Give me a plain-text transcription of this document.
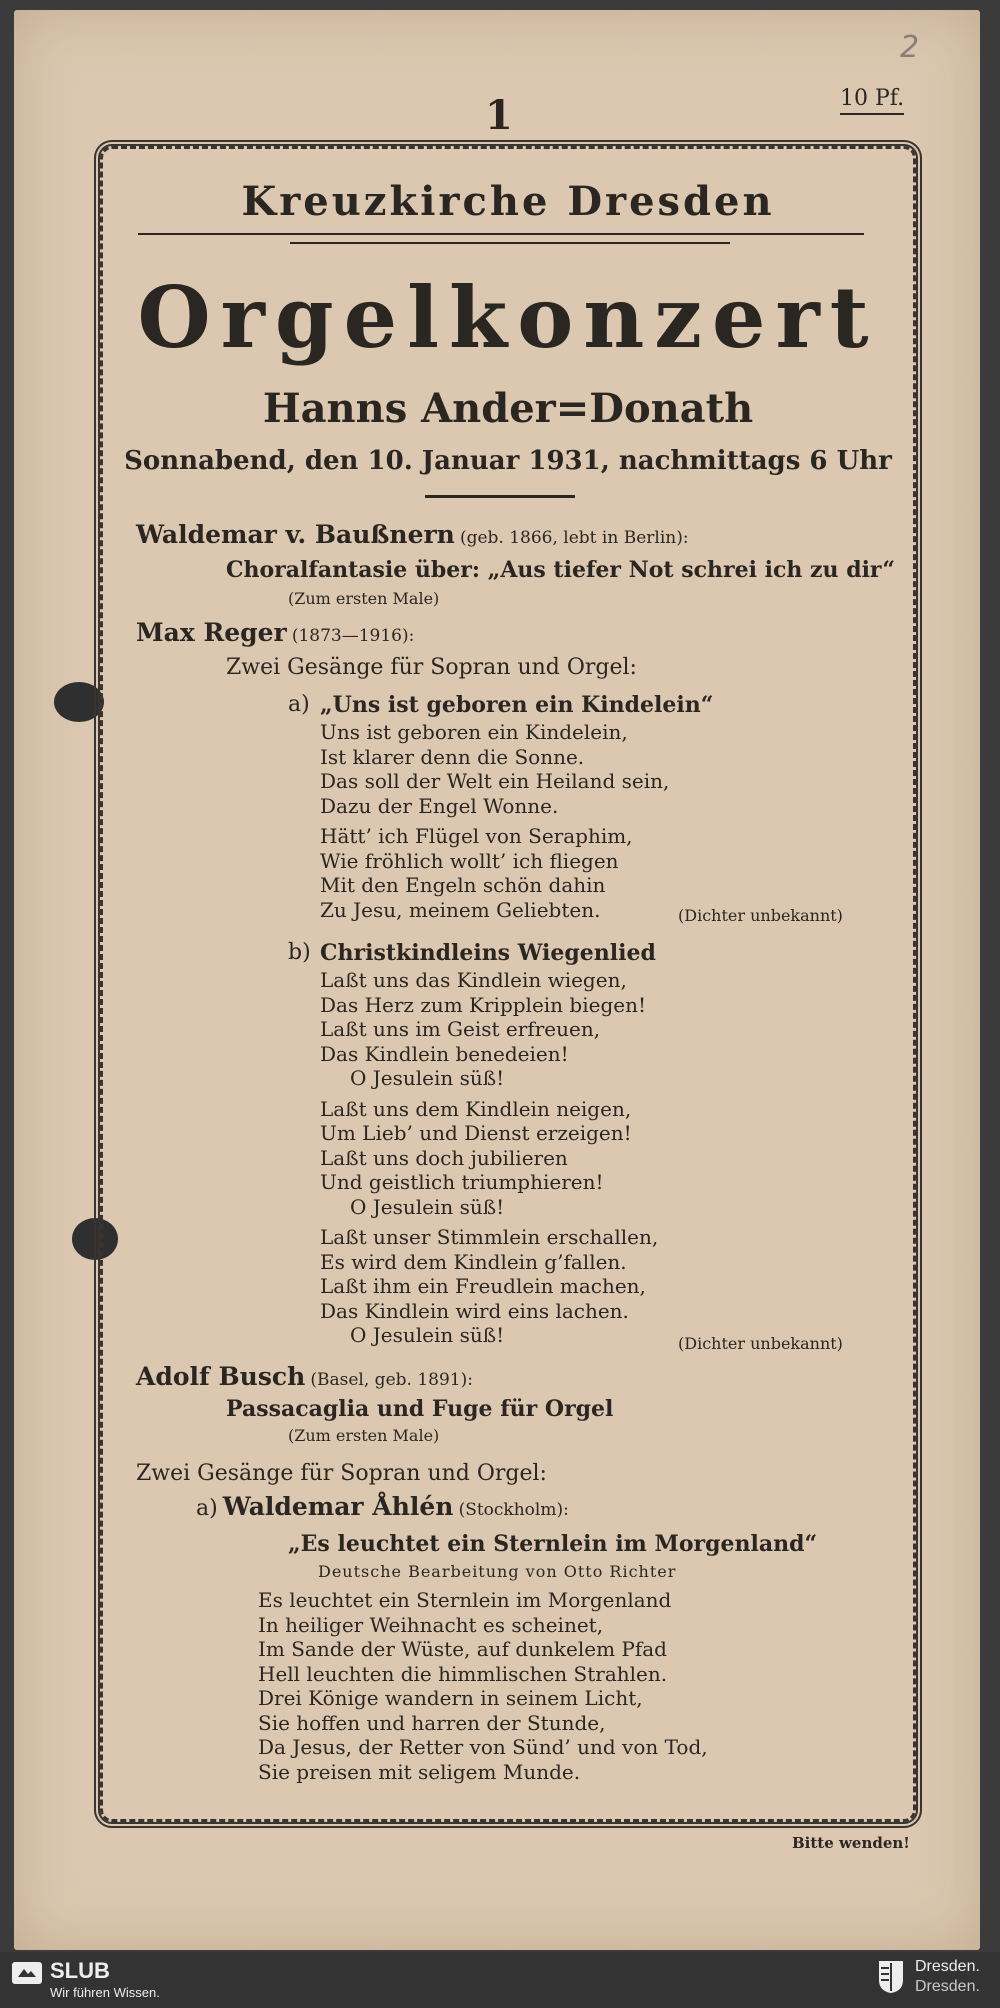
2
1	10 Pf.
Kreuzkirche Dresden
Orgelkonzert
Hanns Ander=Donath
Sonnabend, den 10. Januar 1931, nachmittags 6 Uhr
Waldemar v. Baußnern (geb. 1866, lebt in Berlin):
Choralfantasie über: „Aus tiefer Not schrei ich zu dir“
(Zum ersten Male)
Max Reger (1873—1916):
Zwei Gesänge für Sopran und Orgel:
a) „Uns ist geboren ein Kindelein“
Uns ist geboren ein Kindelein,
Ist klarer denn die Sonne.
Das soll der Welt ein Heiland sein,
Dazu der Engel Wonne.
Hätt’ ich Flügel von Seraphim,
Wie fröhlich wollt’ ich fliegen
Mit den Engeln schön dahin
Zu Jesu, meinem Geliebten.	(Dichter unbekannt)
b) Christkindleins Wiegenlied
Laßt uns das Kindlein wiegen,
Das Herz zum Kripplein biegen!
Laßt uns im Geist erfreuen,
Das Kindlein benedeien!
O Jesulein süß!
Laßt uns dem Kindlein neigen,
Um Lieb’ und Dienst erzeigen!
Laßt uns doch jubilieren
Und geistlich triumphieren!
O Jesulein süß!
Laßt unser Stimmlein erschallen,
Es wird dem Kindlein g’fallen.
Laßt ihm ein Freudlein machen,
Das Kindlein wird eins lachen.
O Jesulein süß!	(Dichter unbekannt)
Adolf Busch (Basel, geb. 1891):
Passacaglia und Fuge für Orgel
(Zum ersten Male)
Zwei Gesänge für Sopran und Orgel:
a) Waldemar Åhlén (Stockholm):
„Es leuchtet ein Sternlein im Morgenland“
Deutsche Bearbeitung von Otto Richter
Es leuchtet ein Sternlein im Morgenland
In heiliger Weihnacht es scheinet,
Im Sande der Wüste, auf dunkelem Pfad
Hell leuchten die himmlischen Strahlen.
Drei Könige wandern in seinem Licht,
Sie hoffen und harren der Stunde,
Da Jesus, der Retter von Sünd’ und von Tod,
Sie preisen mit seligem Munde.
Bitte wenden!
SLUB
Wir führen Wissen.
Dresden.
Dresden.
